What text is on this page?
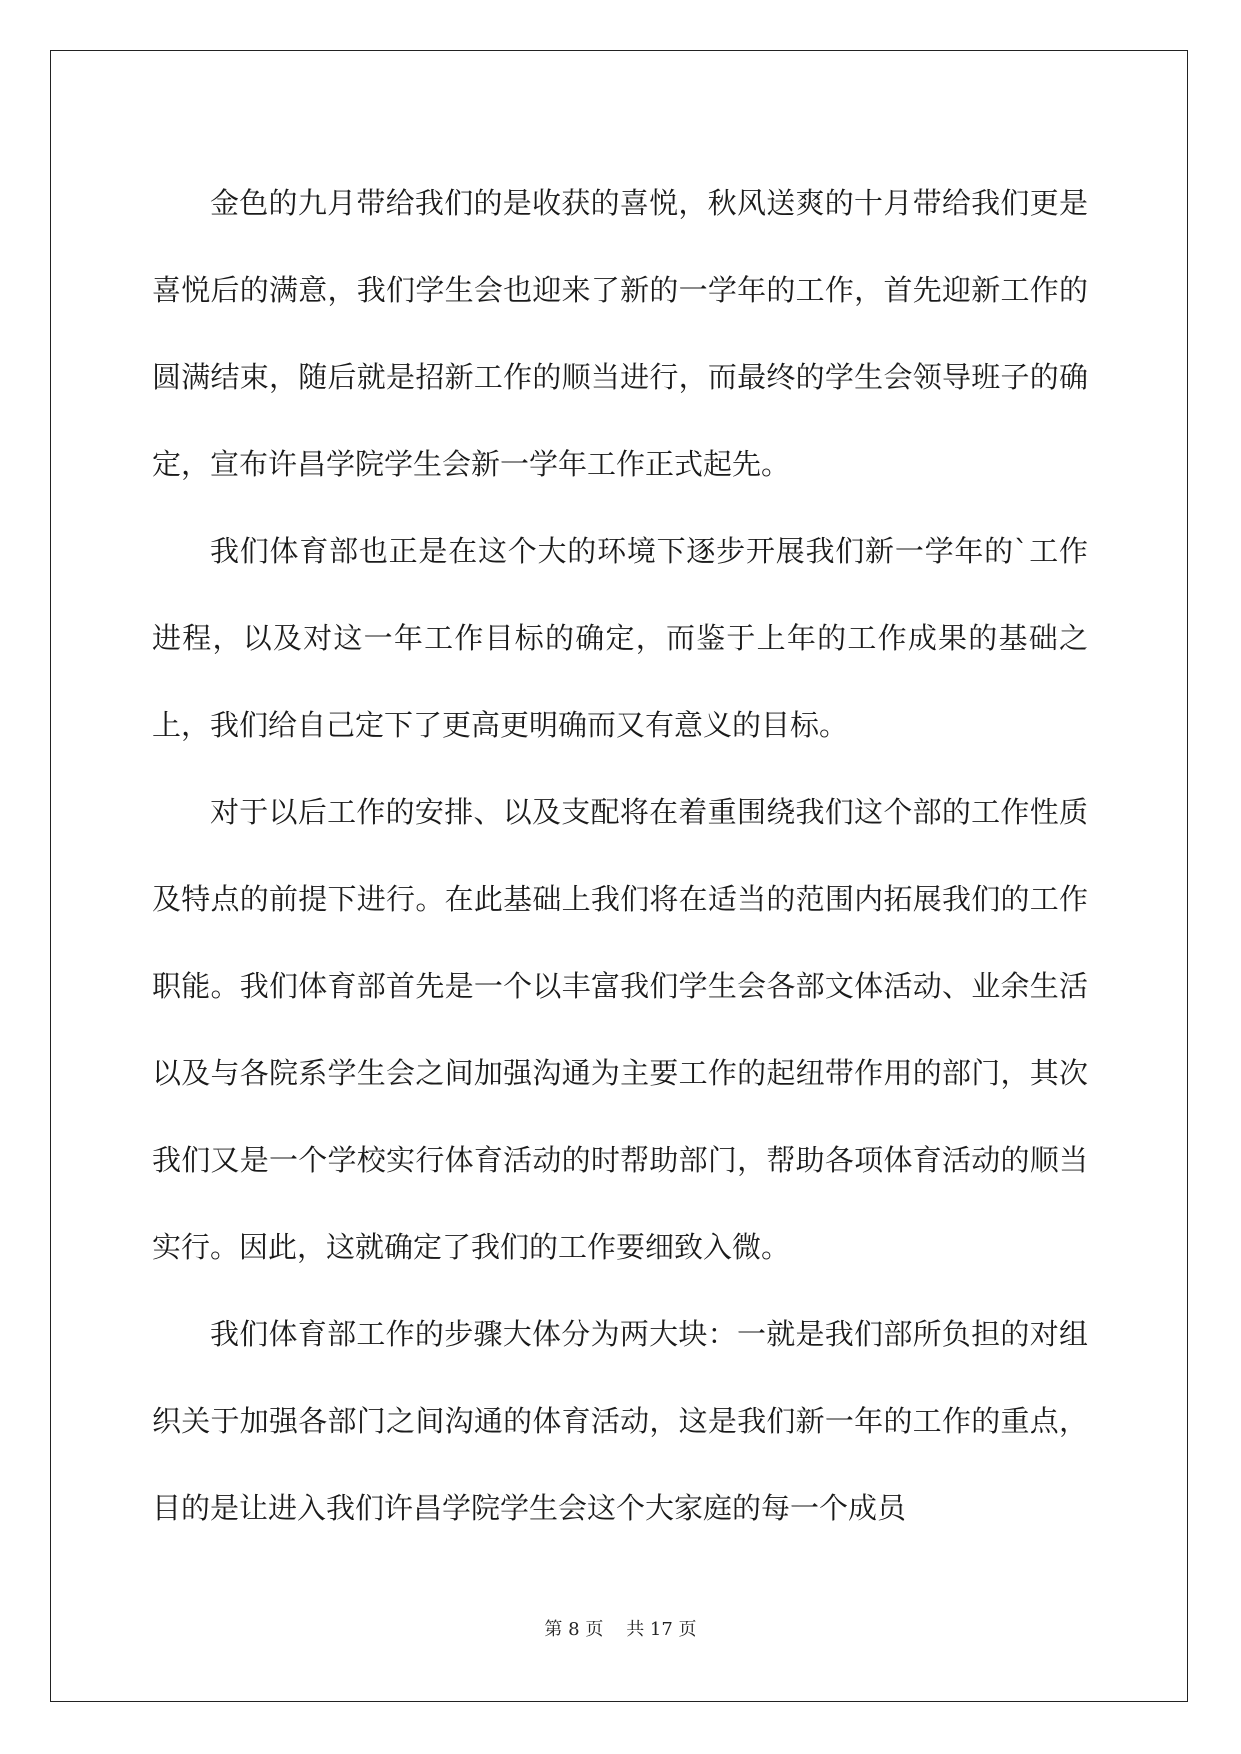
金色的九月带给我们的是收获的喜悦，秋风送爽的十月带给我们更是喜悦后的满意，我们学生会也迎来了新的一学年的工作，首先迎新工作的圆满结束，随后就是招新工作的顺当进行，而最终的学生会领导班子的确定，宣布许昌学院学生会新一学年工作正式起先。

我们体育部也正是在这个大的环境下逐步开展我们新一学年的`工作进程，以及对这一年工作目标的确定，而鉴于上年的工作成果的基础之上，我们给自己定下了更高更明确而又有意义的目标。

对于以后工作的安排、以及支配将在着重围绕我们这个部的工作性质及特点的前提下进行。在此基础上我们将在适当的范围内拓展我们的工作职能。我们体育部首先是一个以丰富我们学生会各部文体活动、业余生活以及与各院系学生会之间加强沟通为主要工作的起纽带作用的部门，其次我们又是一个学校实行体育活动的时帮助部门，帮助各项体育活动的顺当实行。因此，这就确定了我们的工作要细致入微。

我们体育部工作的步骤大体分为两大块：一就是我们部所负担的对组织关于加强各部门之间沟通的体育活动，这是我们新一年的工作的重点，目的是让进入我们许昌学院学生会这个大家庭的每一个成员

第 8 页    共 17 页
